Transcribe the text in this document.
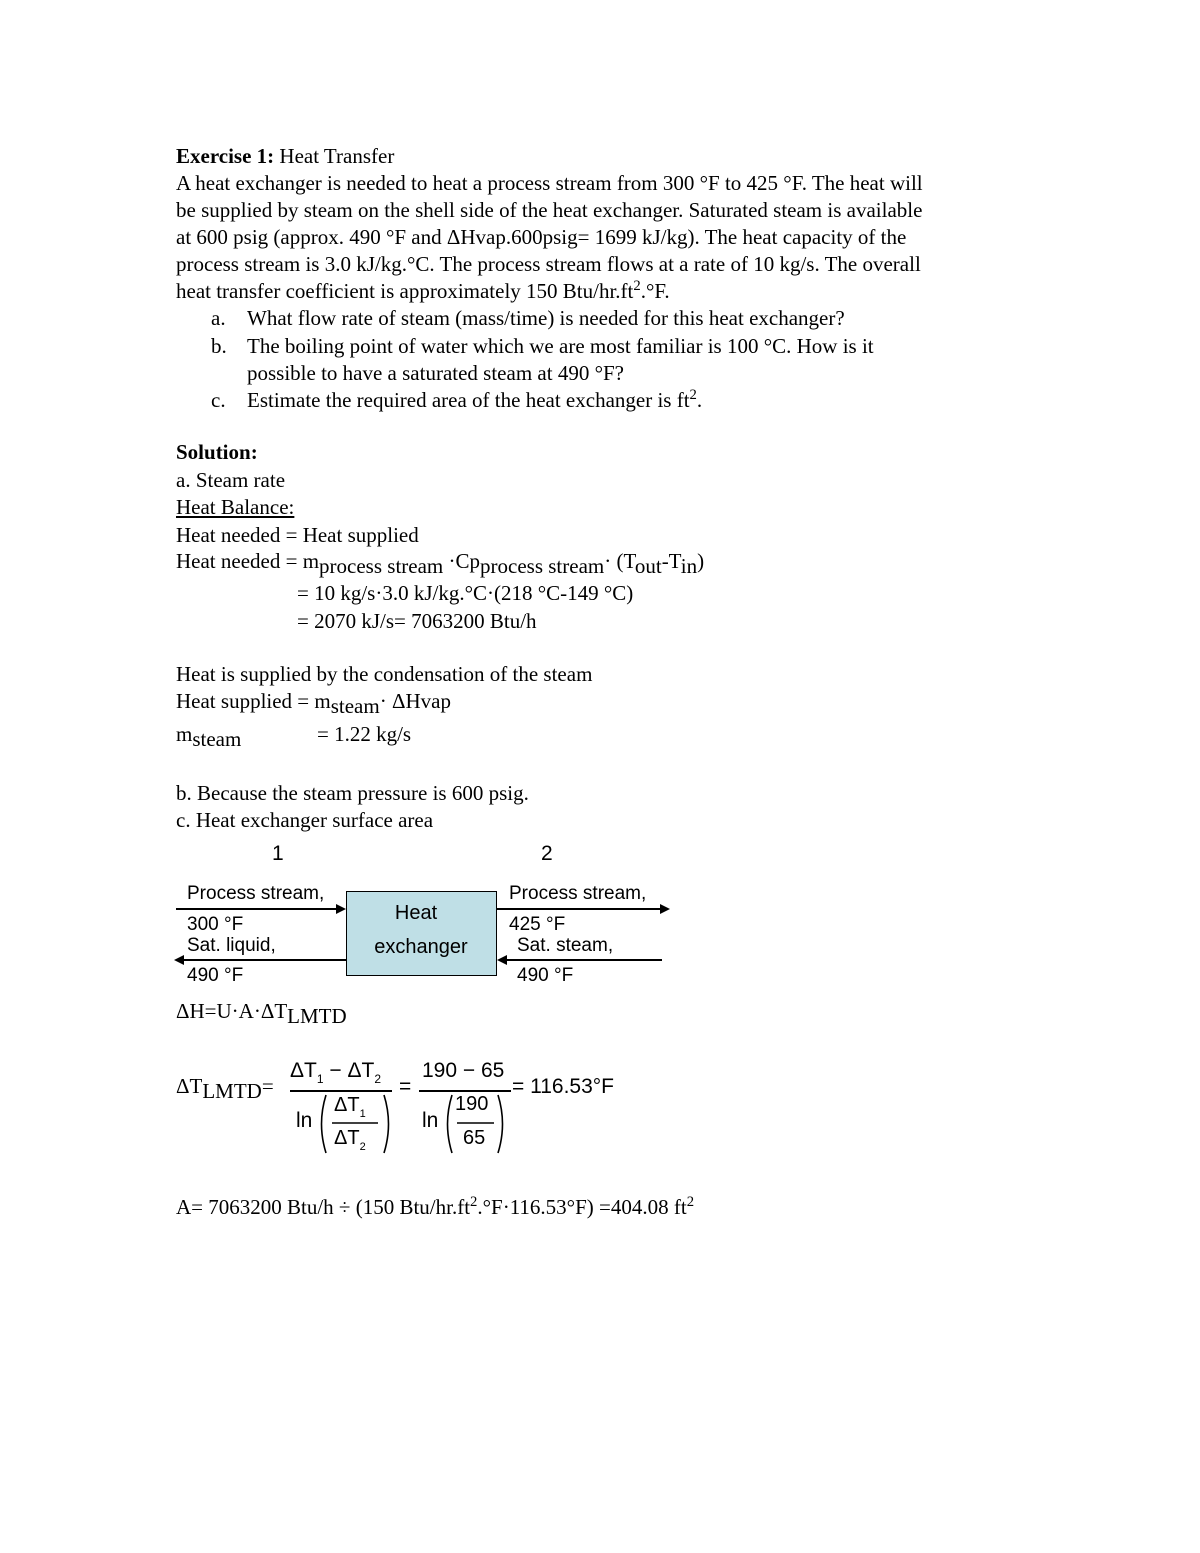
Exercise 1: Heat Transfer
A heat exchanger is needed to heat a process stream from 300 °F to 425 °F. The heat will
be supplied by steam on the shell side of the heat exchanger. Saturated steam is available
at 600 psig (approx. 490 °F and ΔHvap.600psig= 1699 kJ/kg). The heat capacity of the
process stream is 3.0 kJ/kg.°C. The process stream flows at a rate of 10 kg/s. The overall
heat transfer coefficient is approximately 150 Btu/$hr.ft^2.^\circ F$.
a. What flow rate of steam (mass/time) is needed for this heat exchanger?
b. The boiling point of water which we are most familiar is 100 °C. How is it
possible to have a saturated steam at 490 °F?
c. Estimate the required area of the heat exchanger is $ft^2$.
Solution:
a. Steam rate
Heat Balance:
Heat needed = Heat supplied
Heat needed = mprocess stream ·Cpprocess stream· (Tout-Tin)
= 10 kg/s·3.0 kJ/kg.°C·(218 °C-149 °C)
= 2070 kJ/s= 7063200 Btu/h
Heat is supplied by the condensation of the steam
Heat supplied = msteam· ΔHvap
msteam	= 1.22 kg/s
b. Because the steam pressure is 600 psig.
c. Heat exchanger surface area
1	2
Heat
exchanger
Process stream,
300 °F
Sat. liquid,
490 °F
Process stream,
425 °F
Sat. steam,
490 °F
ΔH=U·A·ΔTLMTD
ΔTLMTD=
$\Delta T_1 - \Delta T_2$
ln
$\Delta T_1$
$\Delta T_2$
=
190 − 65
ln
190
65
= 116.53°F
A= 7063200 Btu/h ÷ (150 Btu/$hr.ft^2.^\circ F\cdot 116.53^\circ F) =404.08$ $ft^2$
